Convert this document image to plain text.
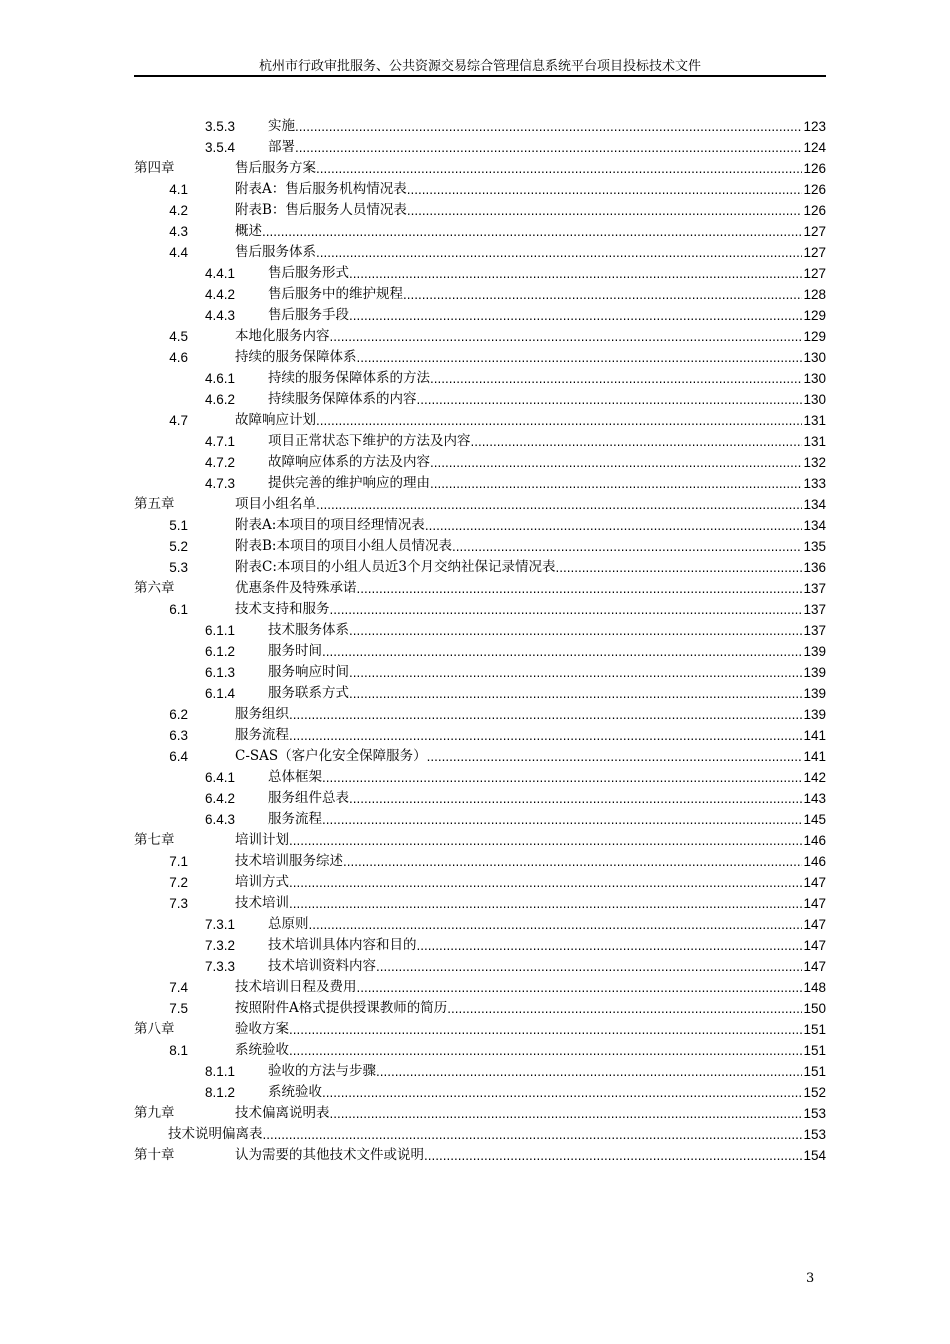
杭州市行政审批服务、公共资源交易综合管理信息系统平台项目投标技术文件
3.5.3 实施 .....	123
3.5.4 部署 .....	124
第四章	售后服务方案 .....	126
4.1	附表A：售后服务机构情况表 .....	126
4.2	附表B：售后服务人员情况表 .....	126
4.3	概述 .....	127
4.4	售后服务体系 .....	127
4.4.1 售后服务形式 .....	127
4.4.2 售后服务中的维护规程 .....	128
4.4.3 售后服务手段 .....	129
4.5	本地化服务内容 .....	129
4.6	持续的服务保障体系 .....	130
4.6.1 持续的服务保障体系的方法 .....	130
4.6.2 持续服务保障体系的内容 .....	130
4.7	故障响应计划 .....	131
4.7.1 项目正常状态下维护的方法及内容 .....	131
4.7.2 故障响应体系的方法及内容 .....	132
4.7.3 提供完善的维护响应的理由 .....	133
第五章	项目小组名单 .....	134
5.1	附表A:本项目的项目经理情况表 .....	134
5.2	附表B:本项目的项目小组人员情况表 .....	135
5.3	附表C:本项目的小组人员近3个月交纳社保记录情况表 .....	136
第六章	优惠条件及特殊承诺 .....	137
6.1	技术支持和服务 .....	137
6.1.1 技术服务体系 .....	137
6.1.2 服务时间 .....	139
6.1.3 服务响应时间 .....	139
6.1.4 服务联系方式 .....	139
6.2	服务组织 .....	139
6.3	服务流程 .....	141
6.4	C-SAS（客户化安全保障服务） .....	141
6.4.1 总体框架 .....	142
6.4.2 服务组件总表 .....	143
6.4.3 服务流程 .....	145
第七章	培训计划 .....	146
7.1	技术培训服务综述 .....	146
7.2	培训方式 .....	147
7.3	技术培训 .....	147
7.3.1 总原则 .....	147
7.3.2 技术培训具体内容和目的 .....	147
7.3.3 技术培训资料内容 .....	147
7.4	技术培训日程及费用 .....	148
7.5	按照附件A格式提供授课教师的简历 .....	150
第八章	验收方案 .....	151
8.1	系统验收 .....	151
8.1.1 验收的方法与步骤 .....	151
8.1.2 系统验收 .....	152
第九章	技术偏离说明表 .....	153
技术说明偏离表 .....	153
第十章	认为需要的其他技术文件或说明 .....	154
3
